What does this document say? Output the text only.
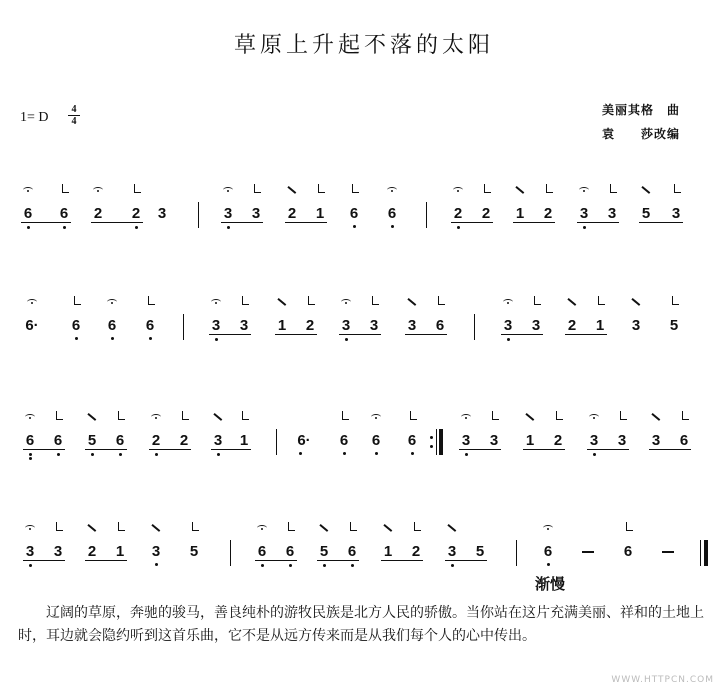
草原上升起不落的太阳
1= D
4
4
美丽其格　曲
袁　　莎改编
6 6 2 2 3	3 3 2 1 6 6	2 2 1 2 3 3 5 3
6· 6 6 6	3 3 1 2 3 3 3 6	3 3 2 1 3 5
6 6 5 6 2 2 3 1	6· 6 6 6	3 3 1 2 3 3 3 6
3 3 2 1 3 5	6 6 5 6 1 2 3 5	6	6
渐慢
辽阔的草原，奔驰的骏马，善良纯朴的游牧民族是北方人民的骄傲。当你站在这片充满美丽、祥和的土地上时，耳边就会隐约听到这首乐曲，它不是从远方传来而是从我们每个人的心中传出。
WWW.HTTPCN.COM
